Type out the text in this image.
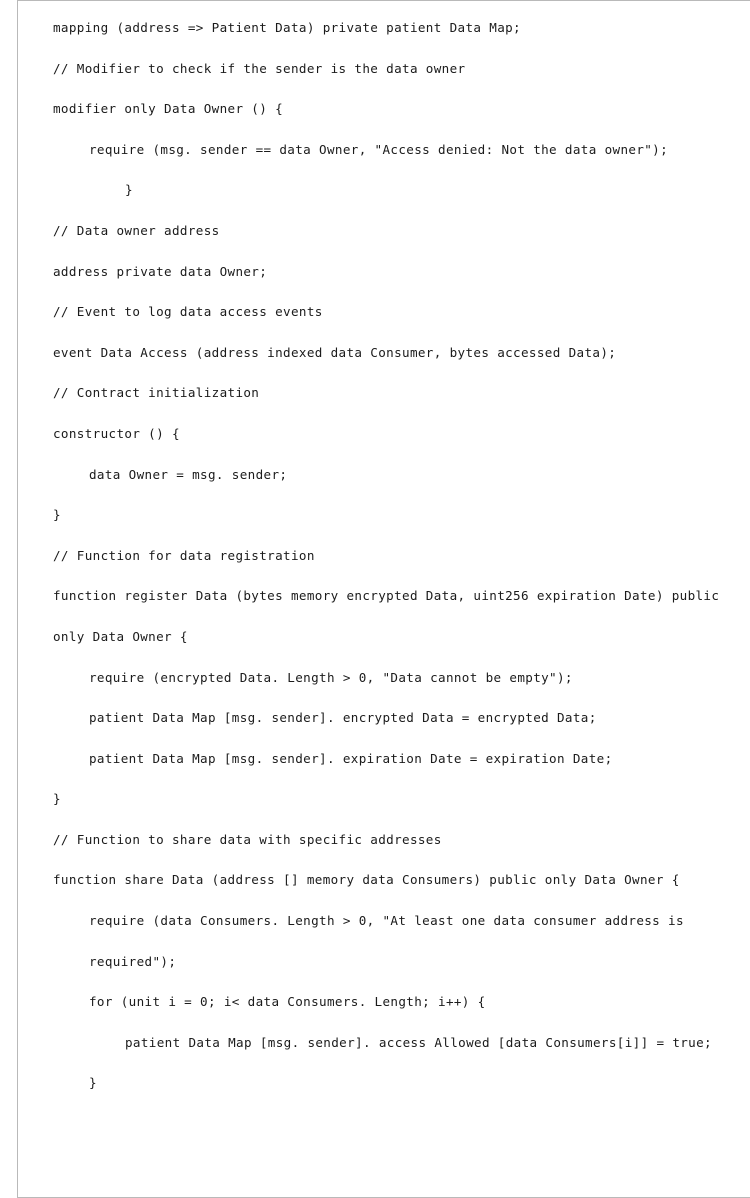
mapping (address => Patient Data) private patient Data Map;
// Modifier to check if the sender is the data owner
modifier only Data Owner () {
require (msg. sender == data Owner, "Access denied: Not the data owner");
}
// Data owner address
address private data Owner;
// Event to log data access events
event Data Access (address indexed data Consumer, bytes accessed Data);
// Contract initialization
constructor () {
data Owner = msg. sender;
}
// Function for data registration
function register Data (bytes memory encrypted Data, uint256 expiration Date) public only Data Owner {
require (encrypted Data. Length > 0, "Data cannot be empty");
patient Data Map [msg. sender]. encrypted Data = encrypted Data;
patient Data Map [msg. sender]. expiration Date = expiration Date;
}
// Function to share data with specific addresses
function share Data (address [] memory data Consumers) public only Data Owner {
require (data Consumers. Length > 0, "At least one data consumer address is required");
for (unit i = 0; i< data Consumers. Length; i++) {
patient Data Map [msg. sender]. access Allowed [data Consumers[i]] = true;
}
